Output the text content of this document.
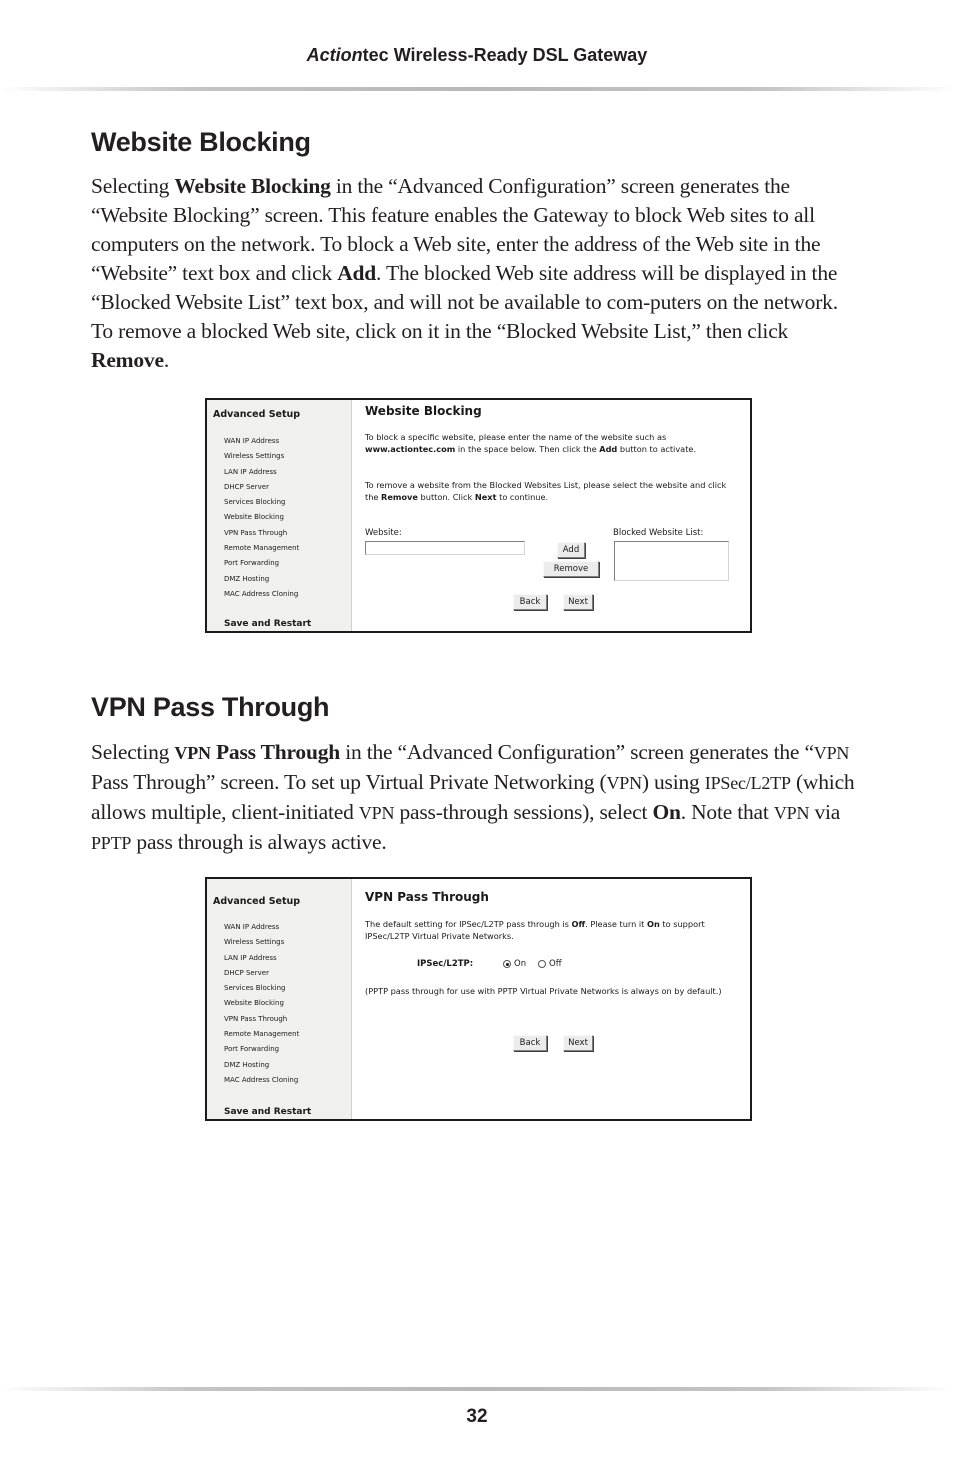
Actiontec Wireless-Ready DSL Gateway
Website Blocking

Selecting Website Blocking in the “Advanced Configuration” screen generates the “Website Blocking” screen. This feature enables the Gateway to block Web sites to all computers on the network. To block a Web site, enter the address of the Web site in the “Website” text box and click Add. The blocked Web site address will be displayed in the “Blocked Website List” text box, and will not be available to com-puters on the network. To remove a blocked Web site, click on it in the “Blocked Website List,” then click Remove.

Advanced Setup
WAN IP Address
Wireless Settings
LAN IP Address
DHCP Server
Services Blocking
Website Blocking
VPN Pass Through
Remote Management
Port Forwarding
DMZ Hosting
MAC Address Cloning
Save and Restart
Website Blocking
To block a specific website, please enter the name of the website such as www.actiontec.com in the space below. Then click the Add button to activate.
To remove a website from the Blocked Websites List, please select the website and click the Remove button. Click Next to continue.
Website:
Add
Remove
Blocked Website List:
Back	Next
VPN Pass Through

Selecting VPN Pass Through in the “Advanced Configuration” screen generates the “VPN Pass Through” screen. To set up Virtual Private Networking (VPN) using IPSec/L2TP (which allows multiple, client-initiated VPN pass-through sessions), select On. Note that VPN via PPTP pass through is always active.

Advanced Setup
WAN IP Address
Wireless Settings
LAN IP Address
DHCP Server
Services Blocking
Website Blocking
VPN Pass Through
Remote Management
Port Forwarding
DMZ Hosting
MAC Address Cloning
Save and Restart
VPN Pass Through
The default setting for IPSec/L2TP pass through is Off. Please turn it On to support IPSec/L2TP Virtual Private Networks.
IPSec/L2TP:	On	Off
(PPTP pass through for use with PPTP Virtual Private Networks is always on by default.)
Back	Next
32
